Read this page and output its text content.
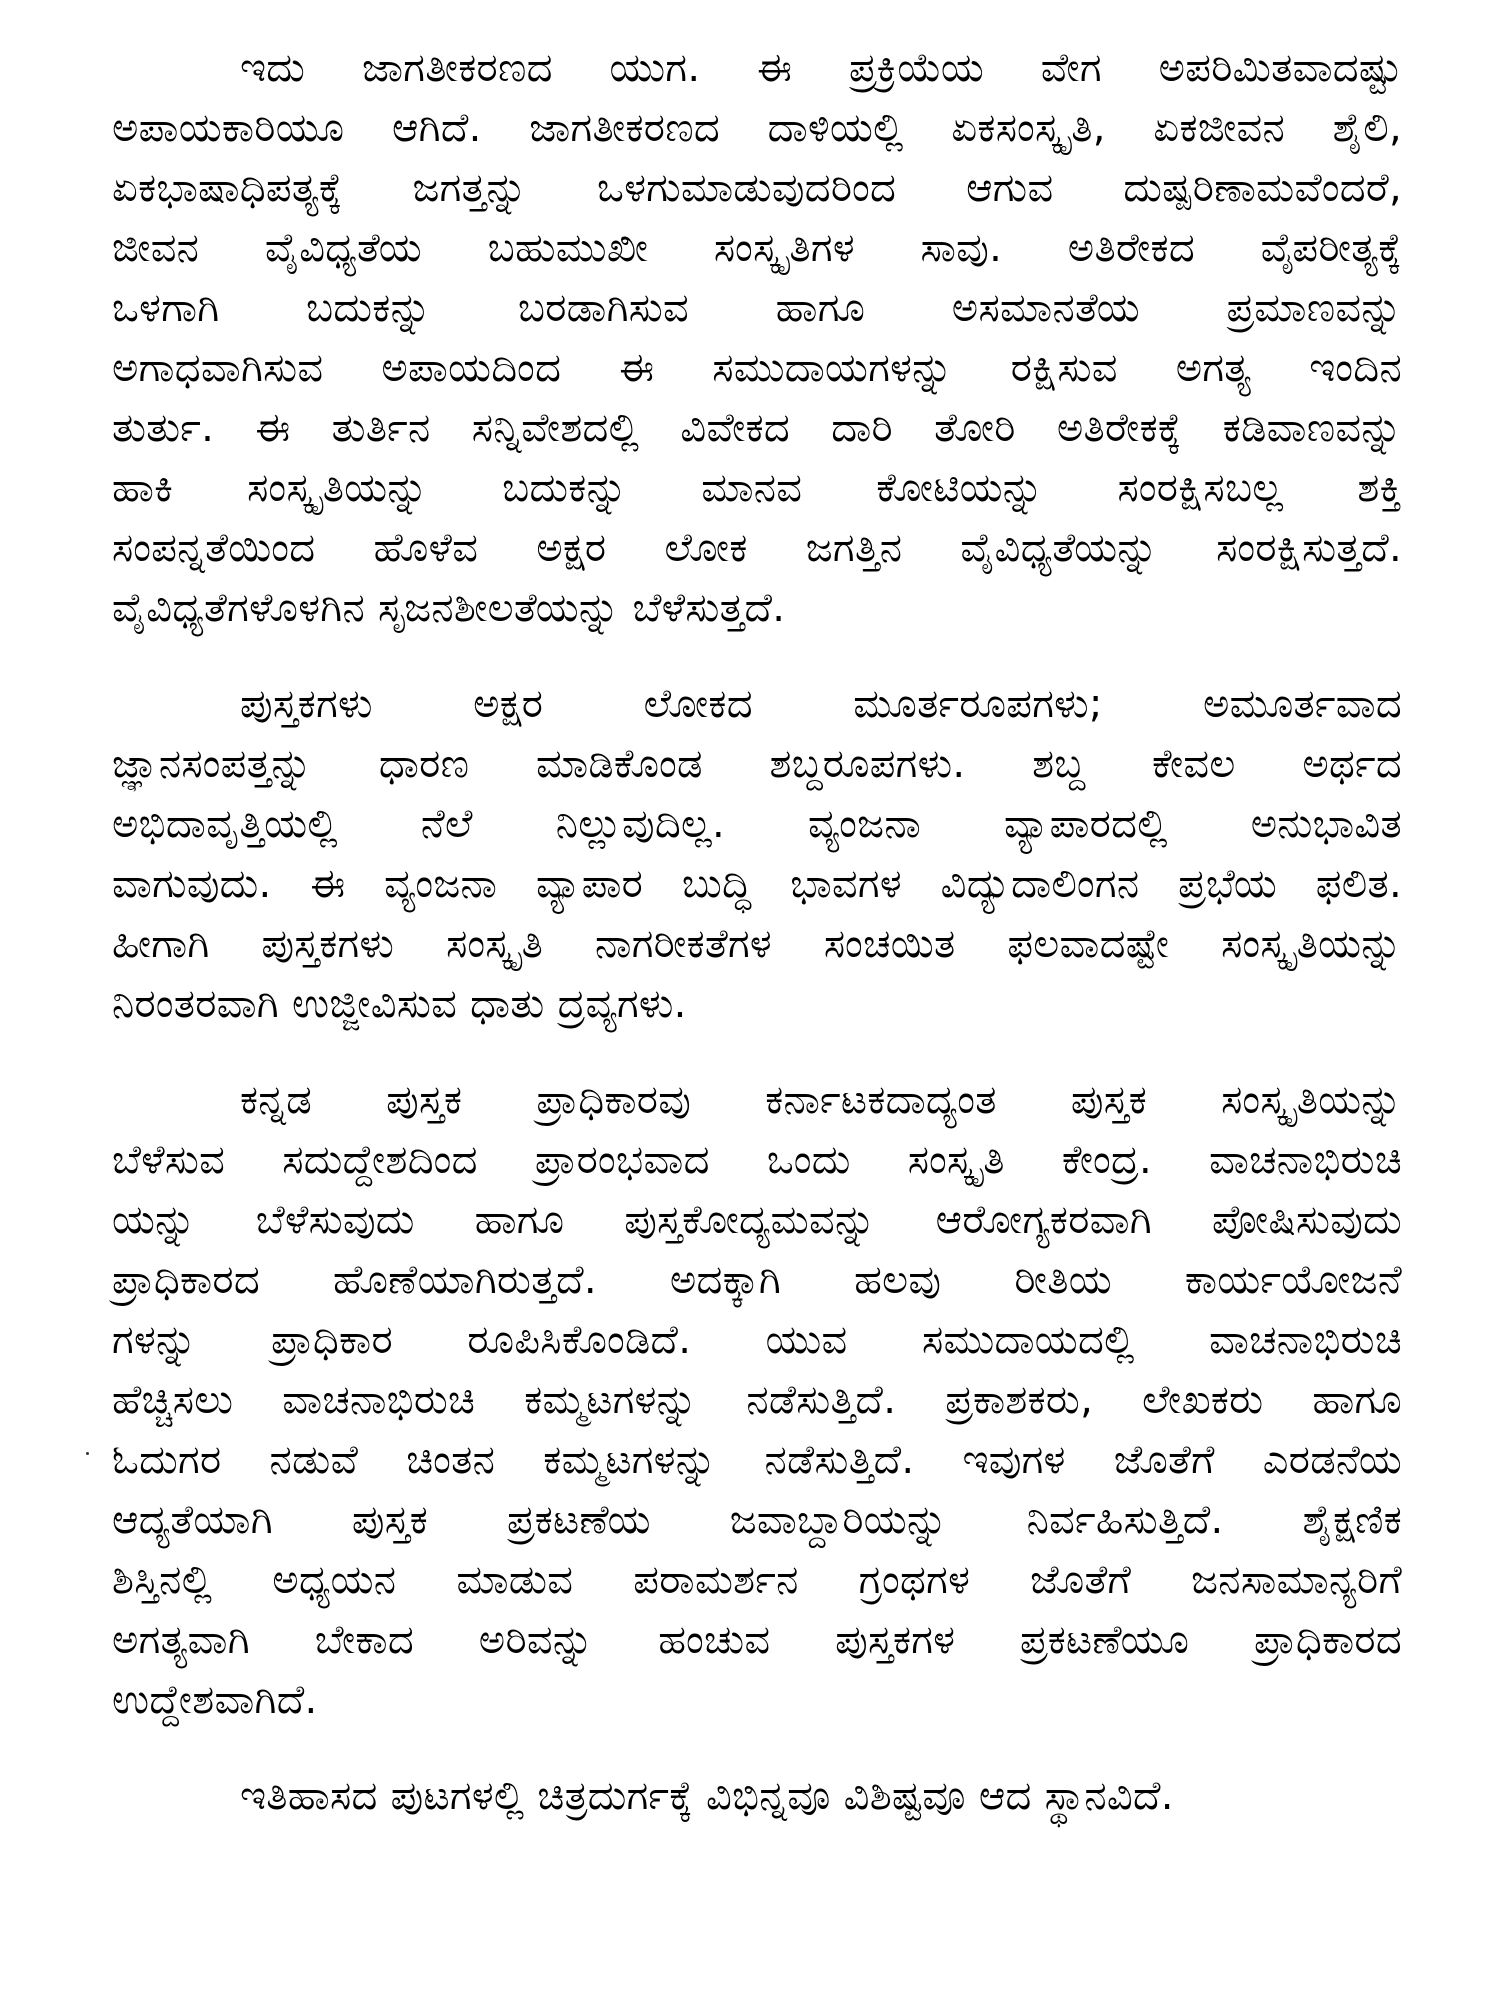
ಇದು ಜಾಗತೀಕರಣದ ಯುಗ. ಈ ಪ್ರಕ್ರಿಯೆಯ ವೇಗ ಅಪರಿಮಿತವಾದಷ್ಟು
ಅಪಾಯಕಾರಿಯೂ ಆಗಿದೆ. ಜಾಗತೀಕರಣದ ದಾಳಿಯಲ್ಲಿ ಏಕಸಂಸ್ಕೃತಿ, ಏಕಜೀವನ ಶೈಲಿ,
ಏಕಭಾಷಾಧಿಪತ್ಯಕ್ಕೆ ಜಗತ್ತನ್ನು ಒಳಗುಮಾಡುವುದರಿಂದ ಆಗುವ ದುಷ್ಪರಿಣಾಮವೆಂದರೆ,
ಜೀವನ ವೈವಿಧ್ಯತೆಯ ಬಹುಮುಖೀ ಸಂಸ್ಕೃತಿಗಳ ಸಾವು. ಅತಿರೇಕದ ವೈಪರೀತ್ಯಕ್ಕೆ
ಒಳಗಾಗಿ ಬದುಕನ್ನು ಬರಡಾಗಿಸುವ ಹಾಗೂ ಅಸಮಾನತೆಯ ಪ್ರಮಾಣವನ್ನು
ಅಗಾಧವಾಗಿಸುವ ಅಪಾಯದಿಂದ ಈ ಸಮುದಾಯಗಳನ್ನು ರಕ್ಷಿಸುವ ಅಗತ್ಯ ಇಂದಿನ
ತುರ್ತು. ಈ ತುರ್ತಿನ ಸನ್ನಿವೇಶದಲ್ಲಿ ವಿವೇಕದ ದಾರಿ ತೋರಿ ಅತಿರೇಕಕ್ಕೆ ಕಡಿವಾಣವನ್ನು
ಹಾಕಿ ಸಂಸ್ಕೃತಿಯನ್ನು ಬದುಕನ್ನು ಮಾನವ ಕೋಟಿಯನ್ನು ಸಂರಕ್ಷಿಸಬಲ್ಲ ಶಕ್ತಿ
ಸಂಪನ್ನತೆಯಿಂದ ಹೊಳೆವ ಅಕ್ಷರ ಲೋಕ ಜಗತ್ತಿನ ವೈವಿಧ್ಯತೆಯನ್ನು ಸಂರಕ್ಷಿಸುತ್ತದೆ.
ವೈವಿಧ್ಯತೆಗಳೊಳಗಿನ ಸೃಜನಶೀಲತೆಯನ್ನು ಬೆಳೆಸುತ್ತದೆ.
ಪುಸ್ತಕಗಳು ಅಕ್ಷರ ಲೋಕದ ಮೂರ್ತರೂಪಗಳು; ಅಮೂರ್ತವಾದ
ಜ್ಞಾನಸಂಪತ್ತನ್ನು ಧಾರಣ ಮಾಡಿಕೊಂಡ ಶಬ್ದರೂಪಗಳು. ಶಬ್ದ ಕೇವಲ ಅರ್ಥದ
ಅಭಿದಾವೃತ್ತಿಯಲ್ಲಿ ನೆಲೆ ನಿಲ್ಲುವುದಿಲ್ಲ. ವ್ಯಂಜನಾ ವ್ಯಾಪಾರದಲ್ಲಿ ಅನುಭಾವಿತ
ವಾಗುವುದು. ಈ ವ್ಯಂಜನಾ ವ್ಯಾಪಾರ ಬುದ್ಧಿ ಭಾವಗಳ ವಿದ್ಯುದಾಲಿಂಗನ ಪ್ರಭೆಯ ಫಲಿತ.
ಹೀಗಾಗಿ ಪುಸ್ತಕಗಳು ಸಂಸ್ಕೃತಿ ನಾಗರೀಕತೆಗಳ ಸಂಚಯಿತ ಫಲವಾದಷ್ಟೇ ಸಂಸ್ಕೃತಿಯನ್ನು
ನಿರಂತರವಾಗಿ ಉಜ್ಜೀವಿಸುವ ಧಾತು ದ್ರವ್ಯಗಳು.
ಕನ್ನಡ ಪುಸ್ತಕ ಪ್ರಾಧಿಕಾರವು ಕರ್ನಾಟಕದಾದ್ಯಂತ ಪುಸ್ತಕ ಸಂಸ್ಕೃತಿಯನ್ನು
ಬೆಳೆಸುವ ಸದುದ್ದೇಶದಿಂದ ಪ್ರಾರಂಭವಾದ ಒಂದು ಸಂಸ್ಕೃತಿ ಕೇಂದ್ರ. ವಾಚನಾಭಿರುಚಿ
ಯನ್ನು ಬೆಳೆಸುವುದು ಹಾಗೂ ಪುಸ್ತಕೋದ್ಯಮವನ್ನು ಆರೋಗ್ಯಕರವಾಗಿ ಪೋಷಿಸುವುದು
ಪ್ರಾಧಿಕಾರದ ಹೊಣೆಯಾಗಿರುತ್ತದೆ. ಅದಕ್ಕಾಗಿ ಹಲವು ರೀತಿಯ ಕಾರ್ಯಯೋಜನೆ
ಗಳನ್ನು ಪ್ರಾಧಿಕಾರ ರೂಪಿಸಿಕೊಂಡಿದೆ. ಯುವ ಸಮುದಾಯದಲ್ಲಿ ವಾಚನಾಭಿರುಚಿ
ಹೆಚ್ಚಿಸಲು ವಾಚನಾಭಿರುಚಿ ಕಮ್ಮಟಗಳನ್ನು ನಡೆಸುತ್ತಿದೆ. ಪ್ರಕಾಶಕರು, ಲೇಖಕರು ಹಾಗೂ
ಓದುಗರ ನಡುವೆ ಚಿಂತನ ಕಮ್ಮಟಗಳನ್ನು ನಡೆಸುತ್ತಿದೆ. ಇವುಗಳ ಜೊತೆಗೆ ಎರಡನೆಯ
ಆದ್ಯತೆಯಾಗಿ ಪುಸ್ತಕ ಪ್ರಕಟಣೆಯ ಜವಾಬ್ದಾರಿಯನ್ನು ನಿರ್ವಹಿಸುತ್ತಿದೆ. ಶೈಕ್ಷಣಿಕ
ಶಿಸ್ತಿನಲ್ಲಿ ಅಧ್ಯಯನ ಮಾಡುವ ಪರಾಮರ್ಶನ ಗ್ರಂಥಗಳ ಜೊತೆಗೆ ಜನಸಾಮಾನ್ಯರಿಗೆ
ಅಗತ್ಯವಾಗಿ ಬೇಕಾದ ಅರಿವನ್ನು ಹಂಚುವ ಪುಸ್ತಕಗಳ ಪ್ರಕಟಣೆಯೂ ಪ್ರಾಧಿಕಾರದ
ಉದ್ದೇಶವಾಗಿದೆ.
ಇತಿಹಾಸದ ಪುಟಗಳಲ್ಲಿ ಚಿತ್ರದುರ್ಗಕ್ಕೆ ವಿಭಿನ್ನವೂ ವಿಶಿಷ್ಟವೂ ಆದ ಸ್ಥಾನವಿದೆ.
